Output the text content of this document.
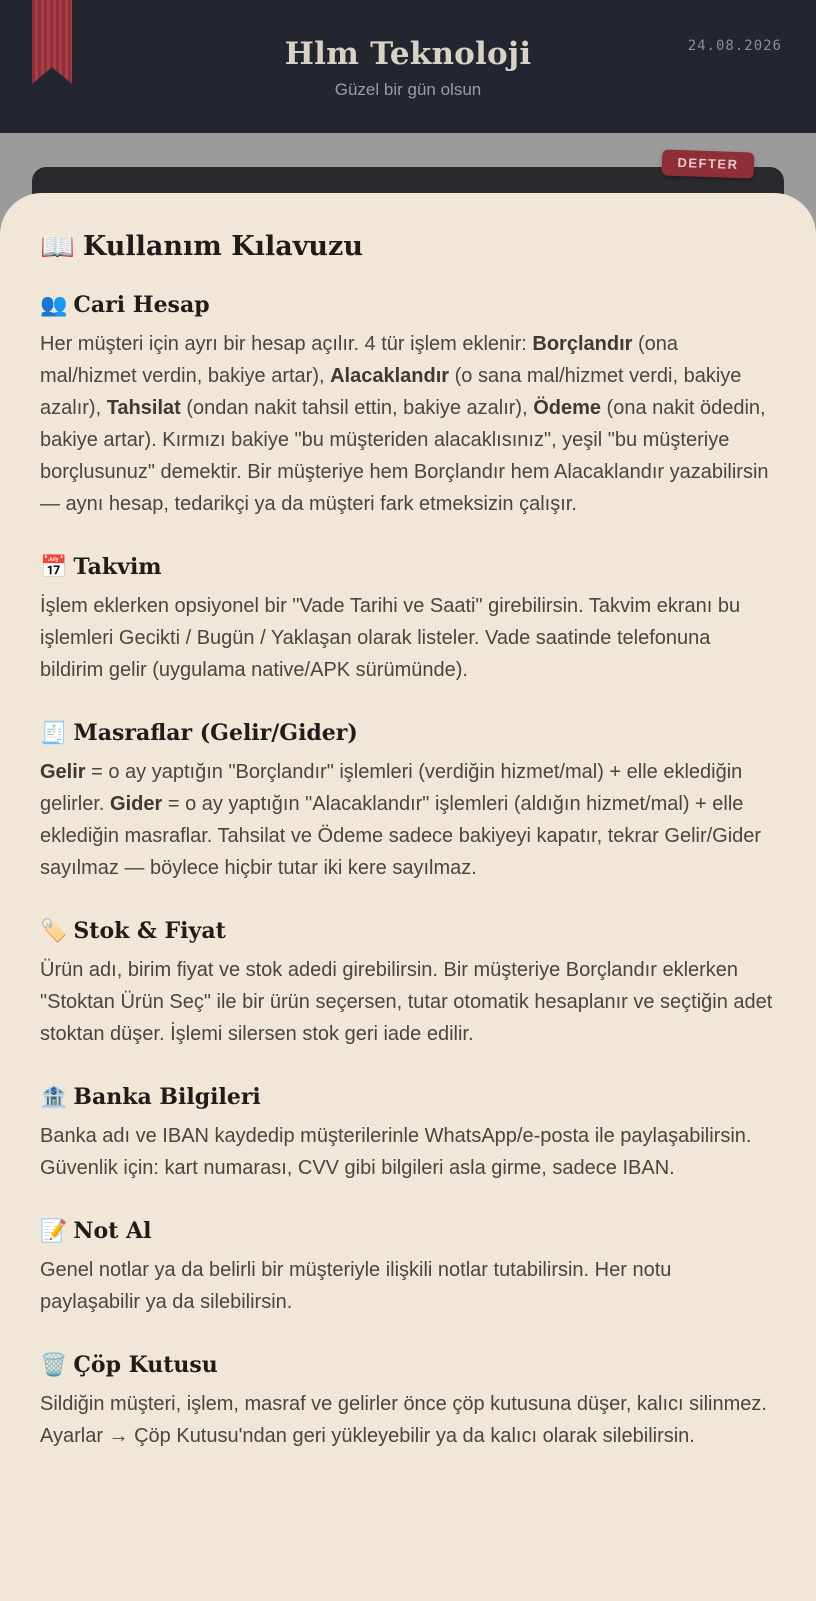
Hlm Teknoloji
Güzel bir gün olsun
24.08.2026
DEFTER
📖 Kullanım Kılavuzu
👥 Cari Hesap
Her müşteri için ayrı bir hesap açılır. 4 tür işlem eklenir: Borçlandır (ona mal/hizmet verdin, bakiye artar), Alacaklandır (o sana mal/hizmet verdi, bakiye azalır), Tahsilat (ondan nakit tahsil ettin, bakiye azalır), Ödeme (ona nakit ödedin, bakiye artar). Kırmızı bakiye "bu müşteriden alacaklısınız", yeşil "bu müşteriye borçlusunuz" demektir. Bir müşteriye hem Borçlandır hem Alacaklandır yazabilirsin — aynı hesap, tedarikçi ya da müşteri fark etmeksizin çalışır.
📅 Takvim
İşlem eklerken opsiyonel bir "Vade Tarihi ve Saati" girebilirsin. Takvim ekranı bu işlemleri Gecikti / Bugün / Yaklaşan olarak listeler. Vade saatinde telefonuna bildirim gelir (uygulama native/APK sürümünde).
🧾 Masraflar (Gelir/Gider)
Gelir = o ay yaptığın "Borçlandır" işlemleri (verdiğin hizmet/mal) + elle eklediğin gelirler. Gider = o ay yaptığın "Alacaklandır" işlemleri (aldığın hizmet/mal) + elle eklediğin masraflar. Tahsilat ve Ödeme sadece bakiyeyi kapatır, tekrar Gelir/Gider sayılmaz — böylece hiçbir tutar iki kere sayılmaz.
🏷️ Stok & Fiyat
Ürün adı, birim fiyat ve stok adedi girebilirsin. Bir müşteriye Borçlandır eklerken "Stoktan Ürün Seç" ile bir ürün seçersen, tutar otomatik hesaplanır ve seçtiğin adet stoktan düşer. İşlemi silersen stok geri iade edilir.
🏦 Banka Bilgileri
Banka adı ve IBAN kaydedip müşterilerinle WhatsApp/e-posta ile paylaşabilirsin. Güvenlik için: kart numarası, CVV gibi bilgileri asla girme, sadece IBAN.
📝 Not Al
Genel notlar ya da belirli bir müşteriyle ilişkili notlar tutabilirsin. Her notu paylaşabilir ya da silebilirsin.
🗑️ Çöp Kutusu
Sildiğin müşteri, işlem, masraf ve gelirler önce çöp kutusuna düşer, kalıcı silinmez. Ayarlar → Çöp Kutusu'ndan geri yükleyebilir ya da kalıcı olarak silebilirsin.
